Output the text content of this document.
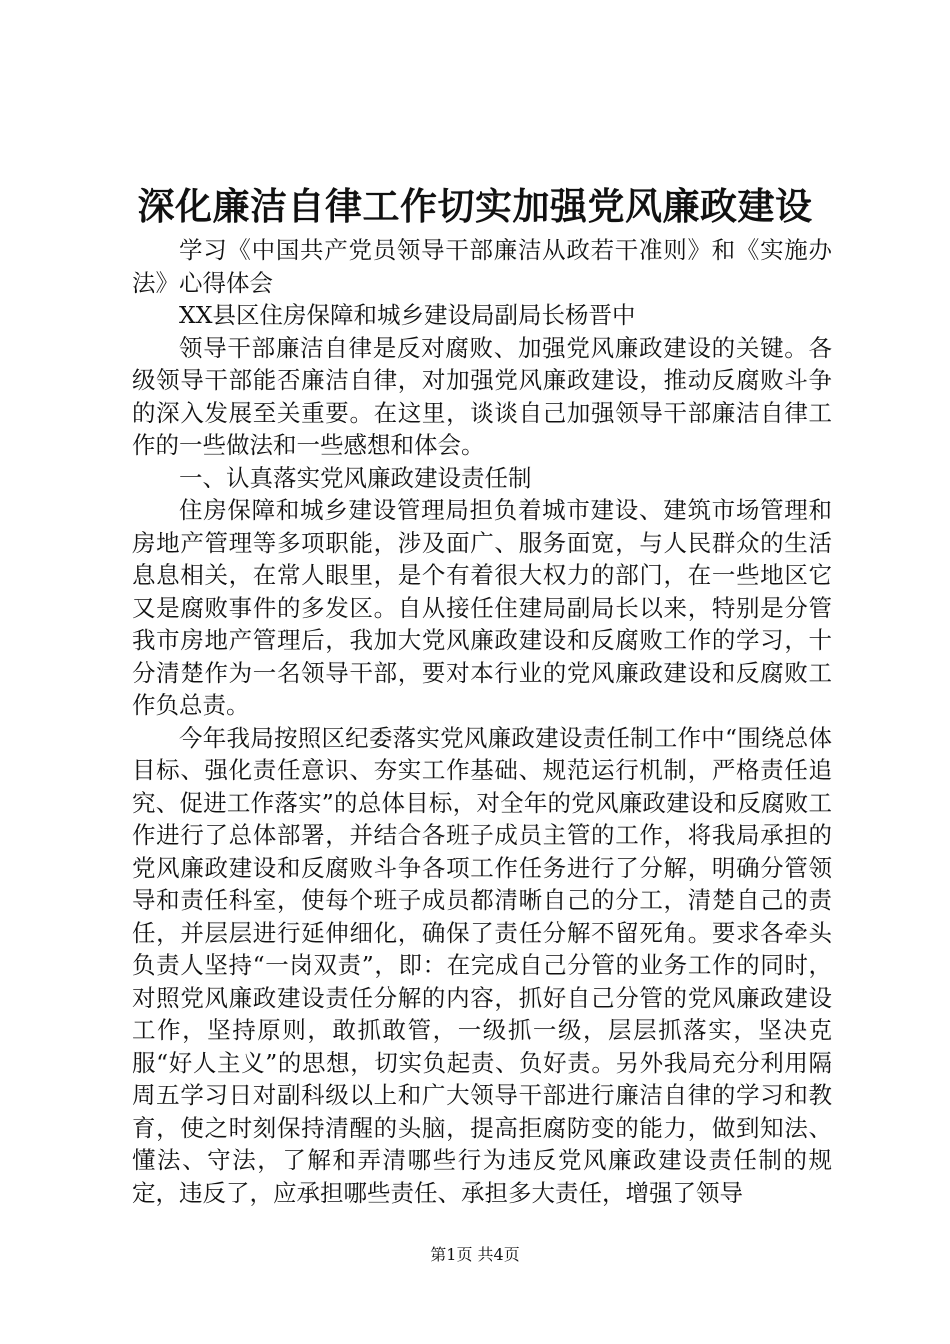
深化廉洁自律工作切实加强党风廉政建设

学习《中国共产党员领导干部廉洁从政若干准则》和《实施办法》心得体会

XX县区住房保障和城乡建设局副局长杨晋中

领导干部廉洁自律是反对腐败、加强党风廉政建设的关键。各级领导干部能否廉洁自律，对加强党风廉政建设，推动反腐败斗争的深入发展至关重要。在这里，谈谈自己加强领导干部廉洁自律工作的一些做法和一些感想和体会。

一、认真落实党风廉政建设责任制

住房保障和城乡建设管理局担负着城市建设、建筑市场管理和房地产管理等多项职能，涉及面广、服务面宽，与人民群众的生活息息相关，在常人眼里，是个有着很大权力的部门，在一些地区它又是腐败事件的多发区。自从接任住建局副局长以来，特别是分管我市房地产管理后，我加大党风廉政建设和反腐败工作的学习，十分清楚作为一名领导干部，要对本行业的党风廉政建设和反腐败工作负总责。

今年我局按照区纪委落实党风廉政建设责任制工作中“围绕总体目标、强化责任意识、夯实工作基础、规范运行机制，严格责任追究、促进工作落实”的总体目标，对全年的党风廉政建设和反腐败工作进行了总体部署，并结合各班子成员主管的工作，将我局承担的党风廉政建设和反腐败斗争各项工作任务进行了分解，明确分管领导和责任科室，使每个班子成员都清晰自己的分工，清楚自己的责任，并层层进行延伸细化，确保了责任分解不留死角。要求各牵头负责人坚持“一岗双责”，即：在完成自己分管的业务工作的同时，对照党风廉政建设责任分解的内容，抓好自己分管的党风廉政建设工作，坚持原则，敢抓敢管，一级抓一级，层层抓落实，坚决克服“好人主义”的思想，切实负起责、负好责。另外我局充分利用隔周五学习日对副科级以上和广大领导干部进行廉洁自律的学习和教育，使之时刻保持清醒的头脑，提高拒腐防变的能力，做到知法、懂法、守法，了解和弄清哪些行为违反党风廉政建设责任制的规定，违反了，应承担哪些责任、承担多大责任，增强了领导

第1页 共4页
